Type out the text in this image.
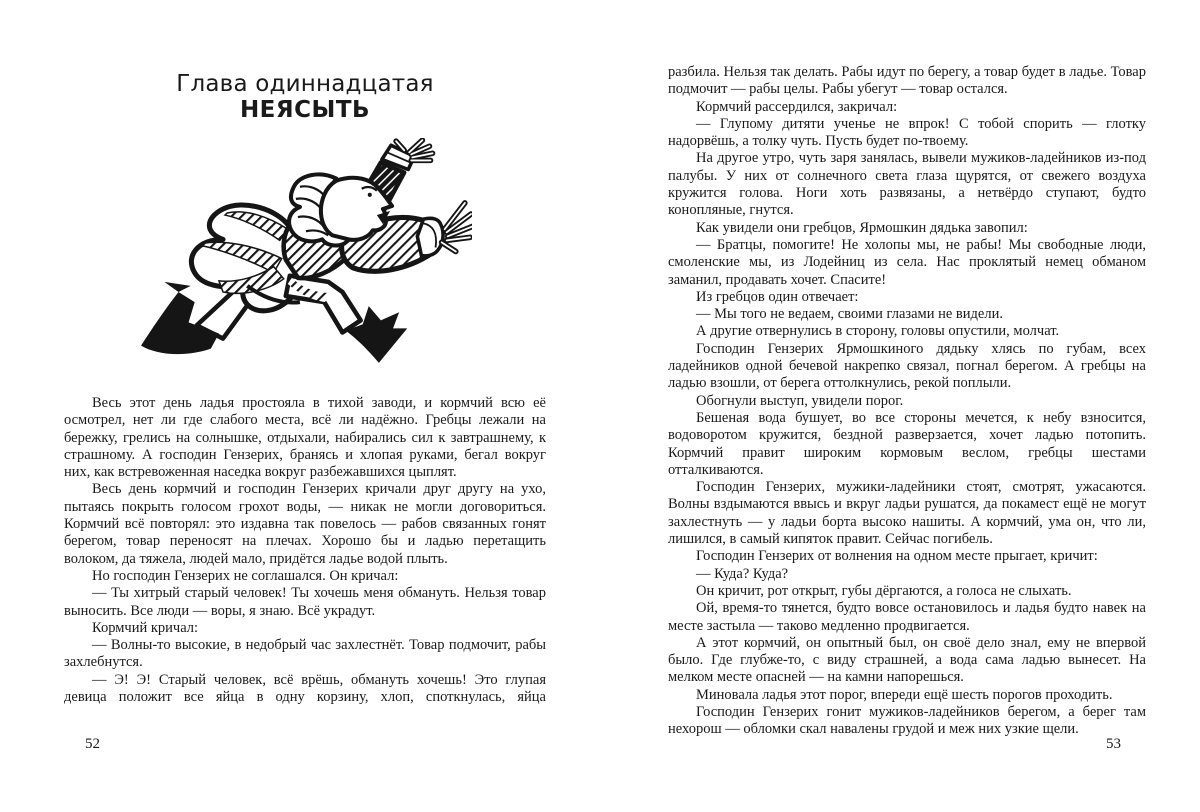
Глава одиннадцатая
НЕЯСЫТЬ

Весь этот день ладья простояла в тихой заводи, и кормчий всю её осмотрел, нет ли где слабого места, всё ли надёжно. Гребцы лежали на бережку, грелись на солнышке, отдыхали, набирались сил к завтрашнему, к страшному. А господин Гензерих, бранясь и хлопая руками, бегал вокруг них, как встревоженная наседка вокруг разбежавшихся цыплят.

Весь день кормчий и господин Гензерих кричали друг другу на ухо, пытаясь покрыть голосом грохот воды, — никак не могли договориться. Кормчий всё повторял: это издавна так повелось — рабов связанных гонят берегом, товар переносят на плечах. Хорошо бы и ладью перетащить волоком, да тяжела, людей мало, придётся ладье водой плыть.

Но господин Гензерих не соглашался. Он кричал:

— Ты хитрый старый человек! Ты хочешь меня обмануть. Нельзя товар выносить. Все люди — воры, я знаю. Всё украдут.

Кормчий кричал:

— Волны-то высокие, в недобрый час захлестнёт. Товар подмочит, рабы захлебнутся.

— Э! Э! Старый человек, всё врёшь, обмануть хочешь! Это глупая девица положит все яйца в одну корзину, хлоп, споткнулась, яйца

52

разбила. Нельзя так делать. Рабы идут по берегу, а товар будет в ладье. Товар подмочит — рабы целы. Рабы убегут — товар остался.

Кормчий рассердился, закричал:

— Глупому дитяти ученье не впрок! С тобой спорить — глотку надорвёшь, а толку чуть. Пусть будет по-твоему.

На другое утро, чуть заря занялась, вывели мужиков-ладейников из-под палубы. У них от солнечного света глаза щурятся, от свежего воздуха кружится голова. Ноги хоть развязаны, а нетвёрдо ступают, будто конопляные, гнутся.

Как увидели они гребцов, Ярмошкин дядька завопил:

— Братцы, помогите! Не холопы мы, не рабы! Мы свободные люди, смоленские мы, из Лодейниц из села. Нас проклятый немец обманом заманил, продавать хочет. Спасите!

Из гребцов один отвечает:

— Мы того не ведаем, своими глазами не видели.

А другие отвернулись в сторону, головы опустили, молчат.

Господин Гензерих Ярмошкиного дядьку хлясь по губам, всех ладейников одной бечевой накрепко связал, погнал берегом. А гребцы на ладью взошли, от берега оттолкнулись, рекой поплыли.

Обогнули выступ, увидели порог.

Бешеная вода бушует, во все стороны мечется, к небу взносится, водоворотом кружится, бездной разверзается, хочет ладью потопить. Кормчий правит широким кормовым веслом, гребцы шестами отталкиваются.

Господин Гензерих, мужики-ладейники стоят, смотрят, ужасаются. Волны вздымаются ввысь и вкруг ладьи рушатся, да покамест ещё не могут захлестнуть — у ладьи борта высоко нашиты. А кормчий, ума он, что ли, лишился, в самый кипяток правит. Сейчас погибель.

Господин Гензерих от волнения на одном месте прыгает, кричит:

— Куда? Куда?

Он кричит, рот открыт, губы дёргаются, а голоса не слыхать.

Ой, время-то тянется, будто вовсе остановилось и ладья будто навек на месте застыла — таково медленно продвигается.

А этот кормчий, он опытный был, он своё дело знал, ему не впервой было. Где глубже-то, с виду страшней, а вода сама ладью вынесет. На мелком месте опасней — на камни напорешься.

Миновала ладья этот порог, впереди ещё шесть порогов проходить.

Господин Гензерих гонит мужиков-ладейников берегом, а берег там нехорош — обломки скал навалены грудой и меж них узкие щели.

53
